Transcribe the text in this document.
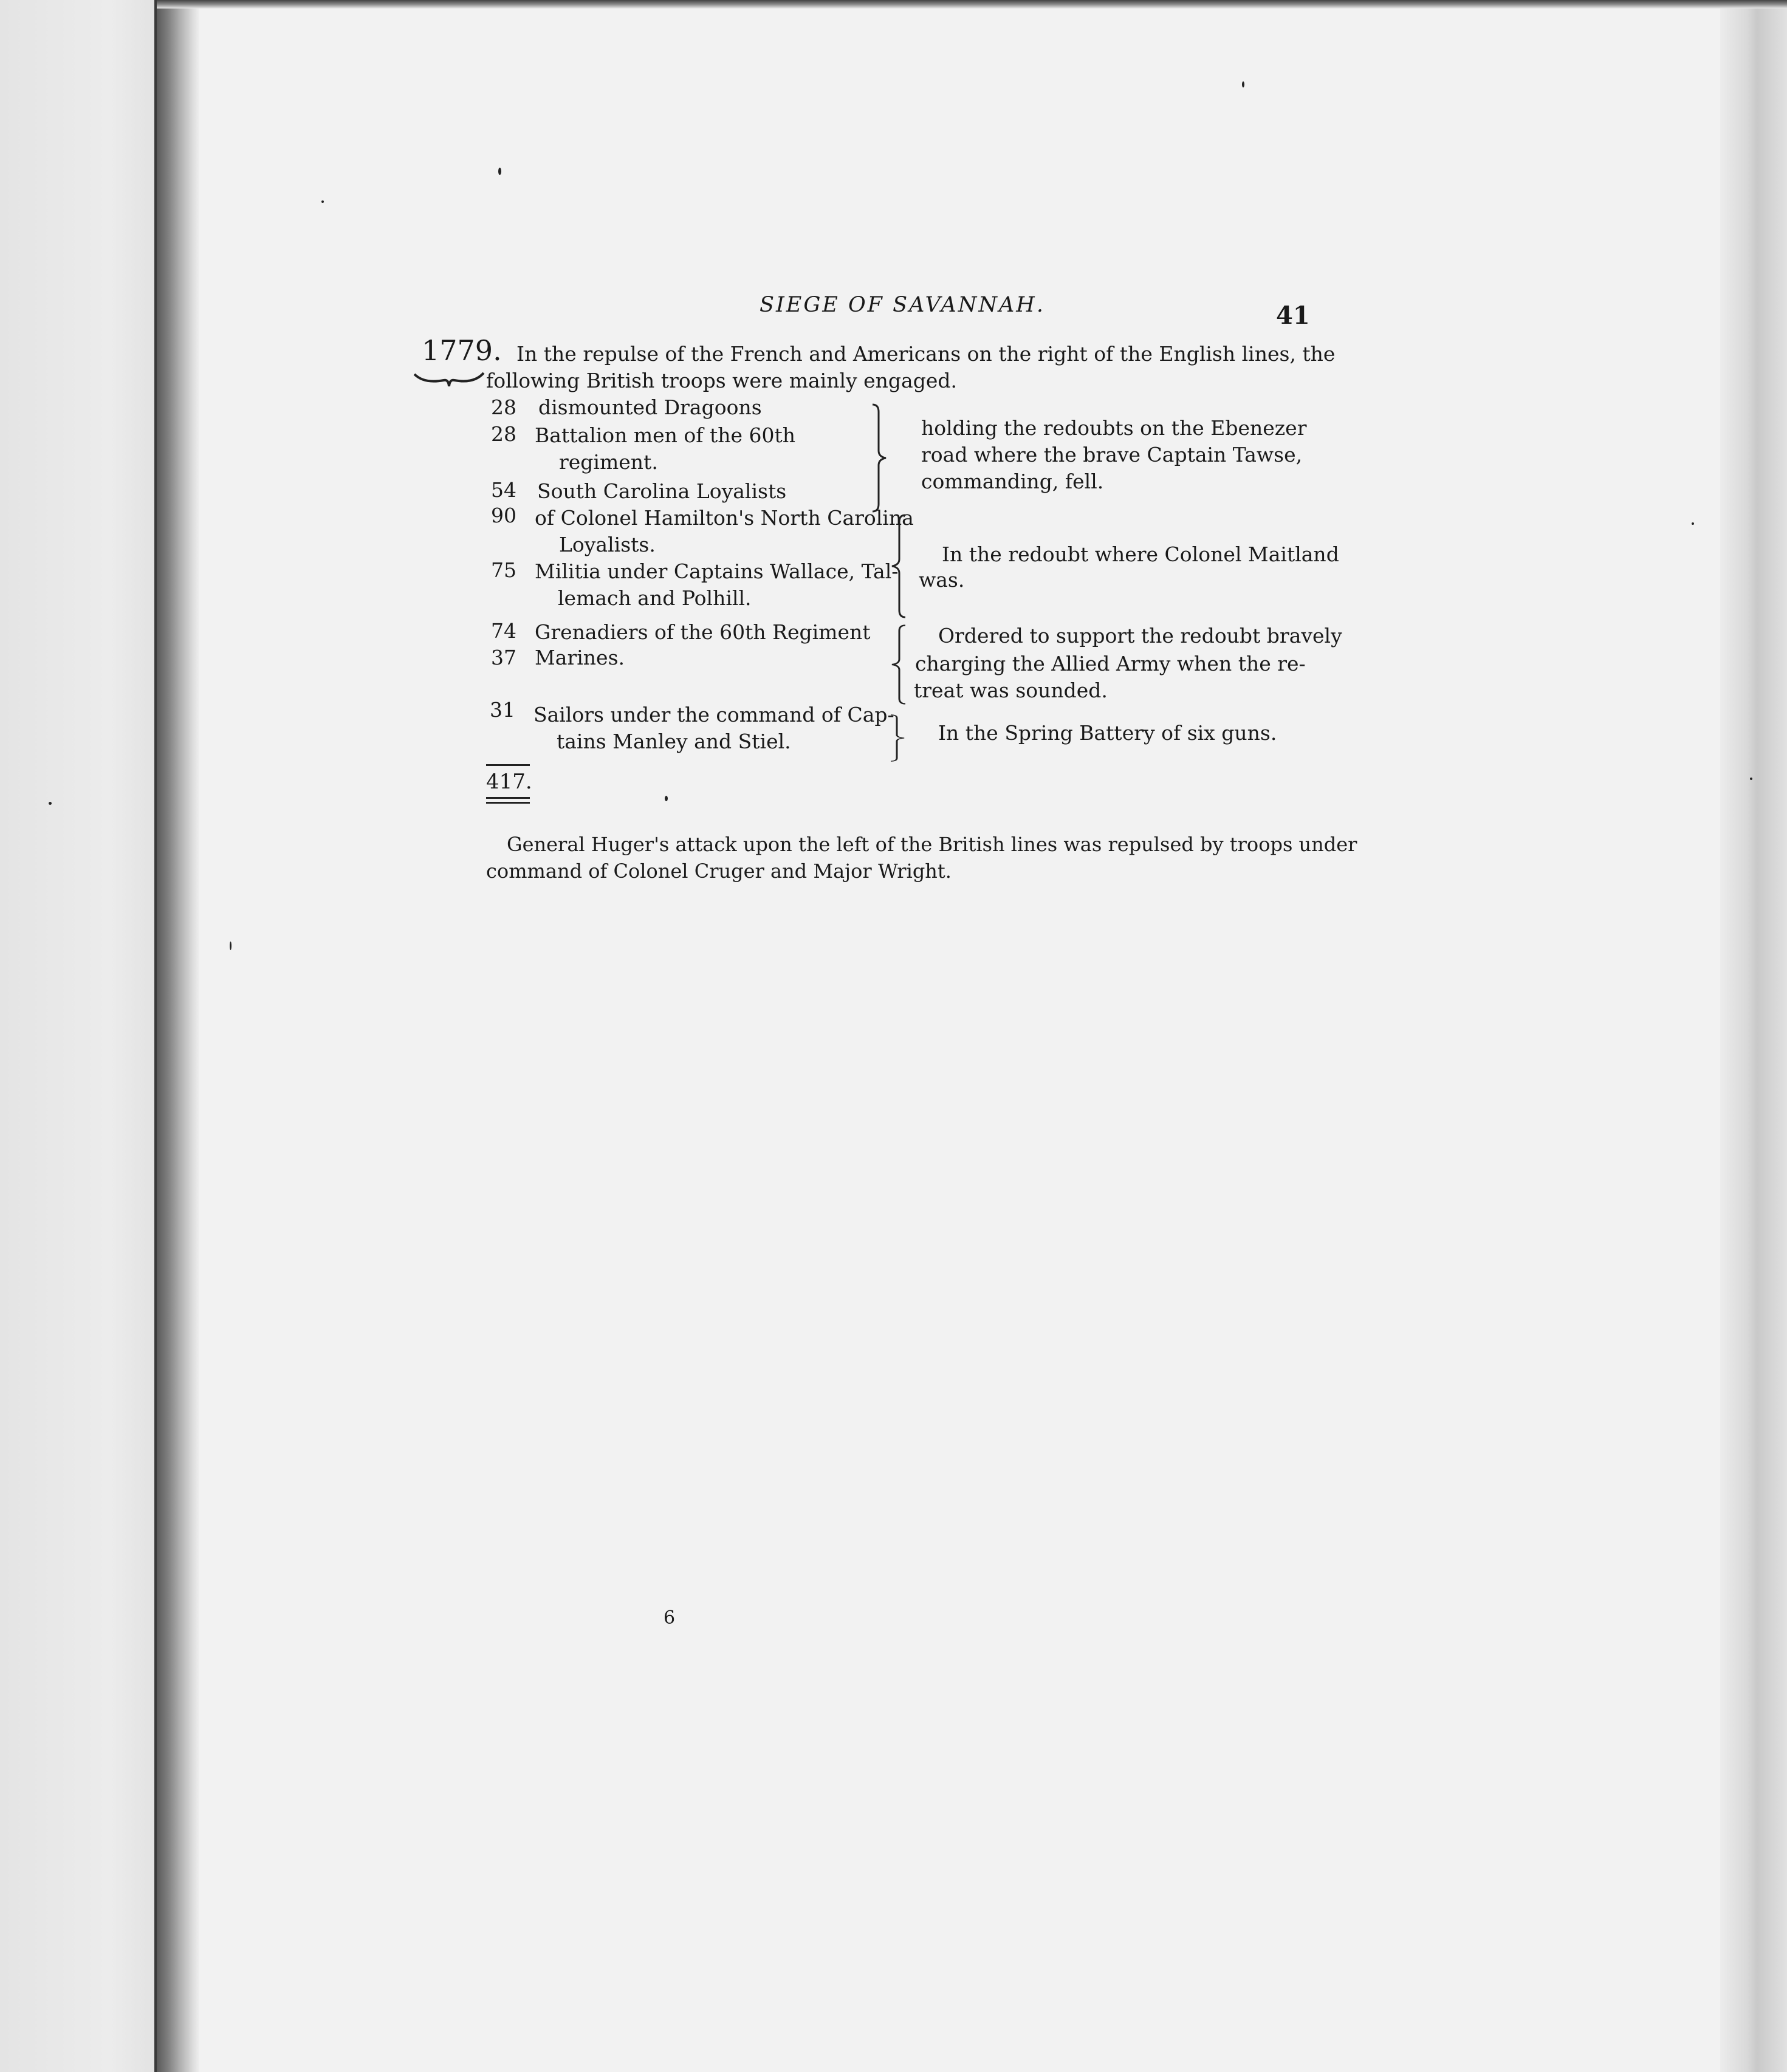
SIEGE OF SAVANNAH.	41
1779. In the repulse of the French and Americans on the right of the English lines, the
following British troops were mainly engaged.
28 dismounted Dragoons
28 Battalion men of the 60th
regiment.
54 South Carolina Loyalists
90 of Colonel Hamilton's North Carolina
Loyalists.
75 Militia under Captains Wallace, Tal-
lemach and Polhill.
74 Grenadiers of the 60th Regiment
37 Marines.
31 Sailors under the command of Cap-
tains Manley and Stiel.
holding the redoubts on the Ebenezer
road where the brave Captain Tawse,
commanding, fell.
In the redoubt where Colonel Maitland
was.
Ordered to support the redoubt bravely
charging the Allied Army when the re-
treat was sounded.
In the Spring Battery of six guns.
417.
General Huger's attack upon the left of the British lines was repulsed by troops under
command of Colonel Cruger and Major Wright.
6
